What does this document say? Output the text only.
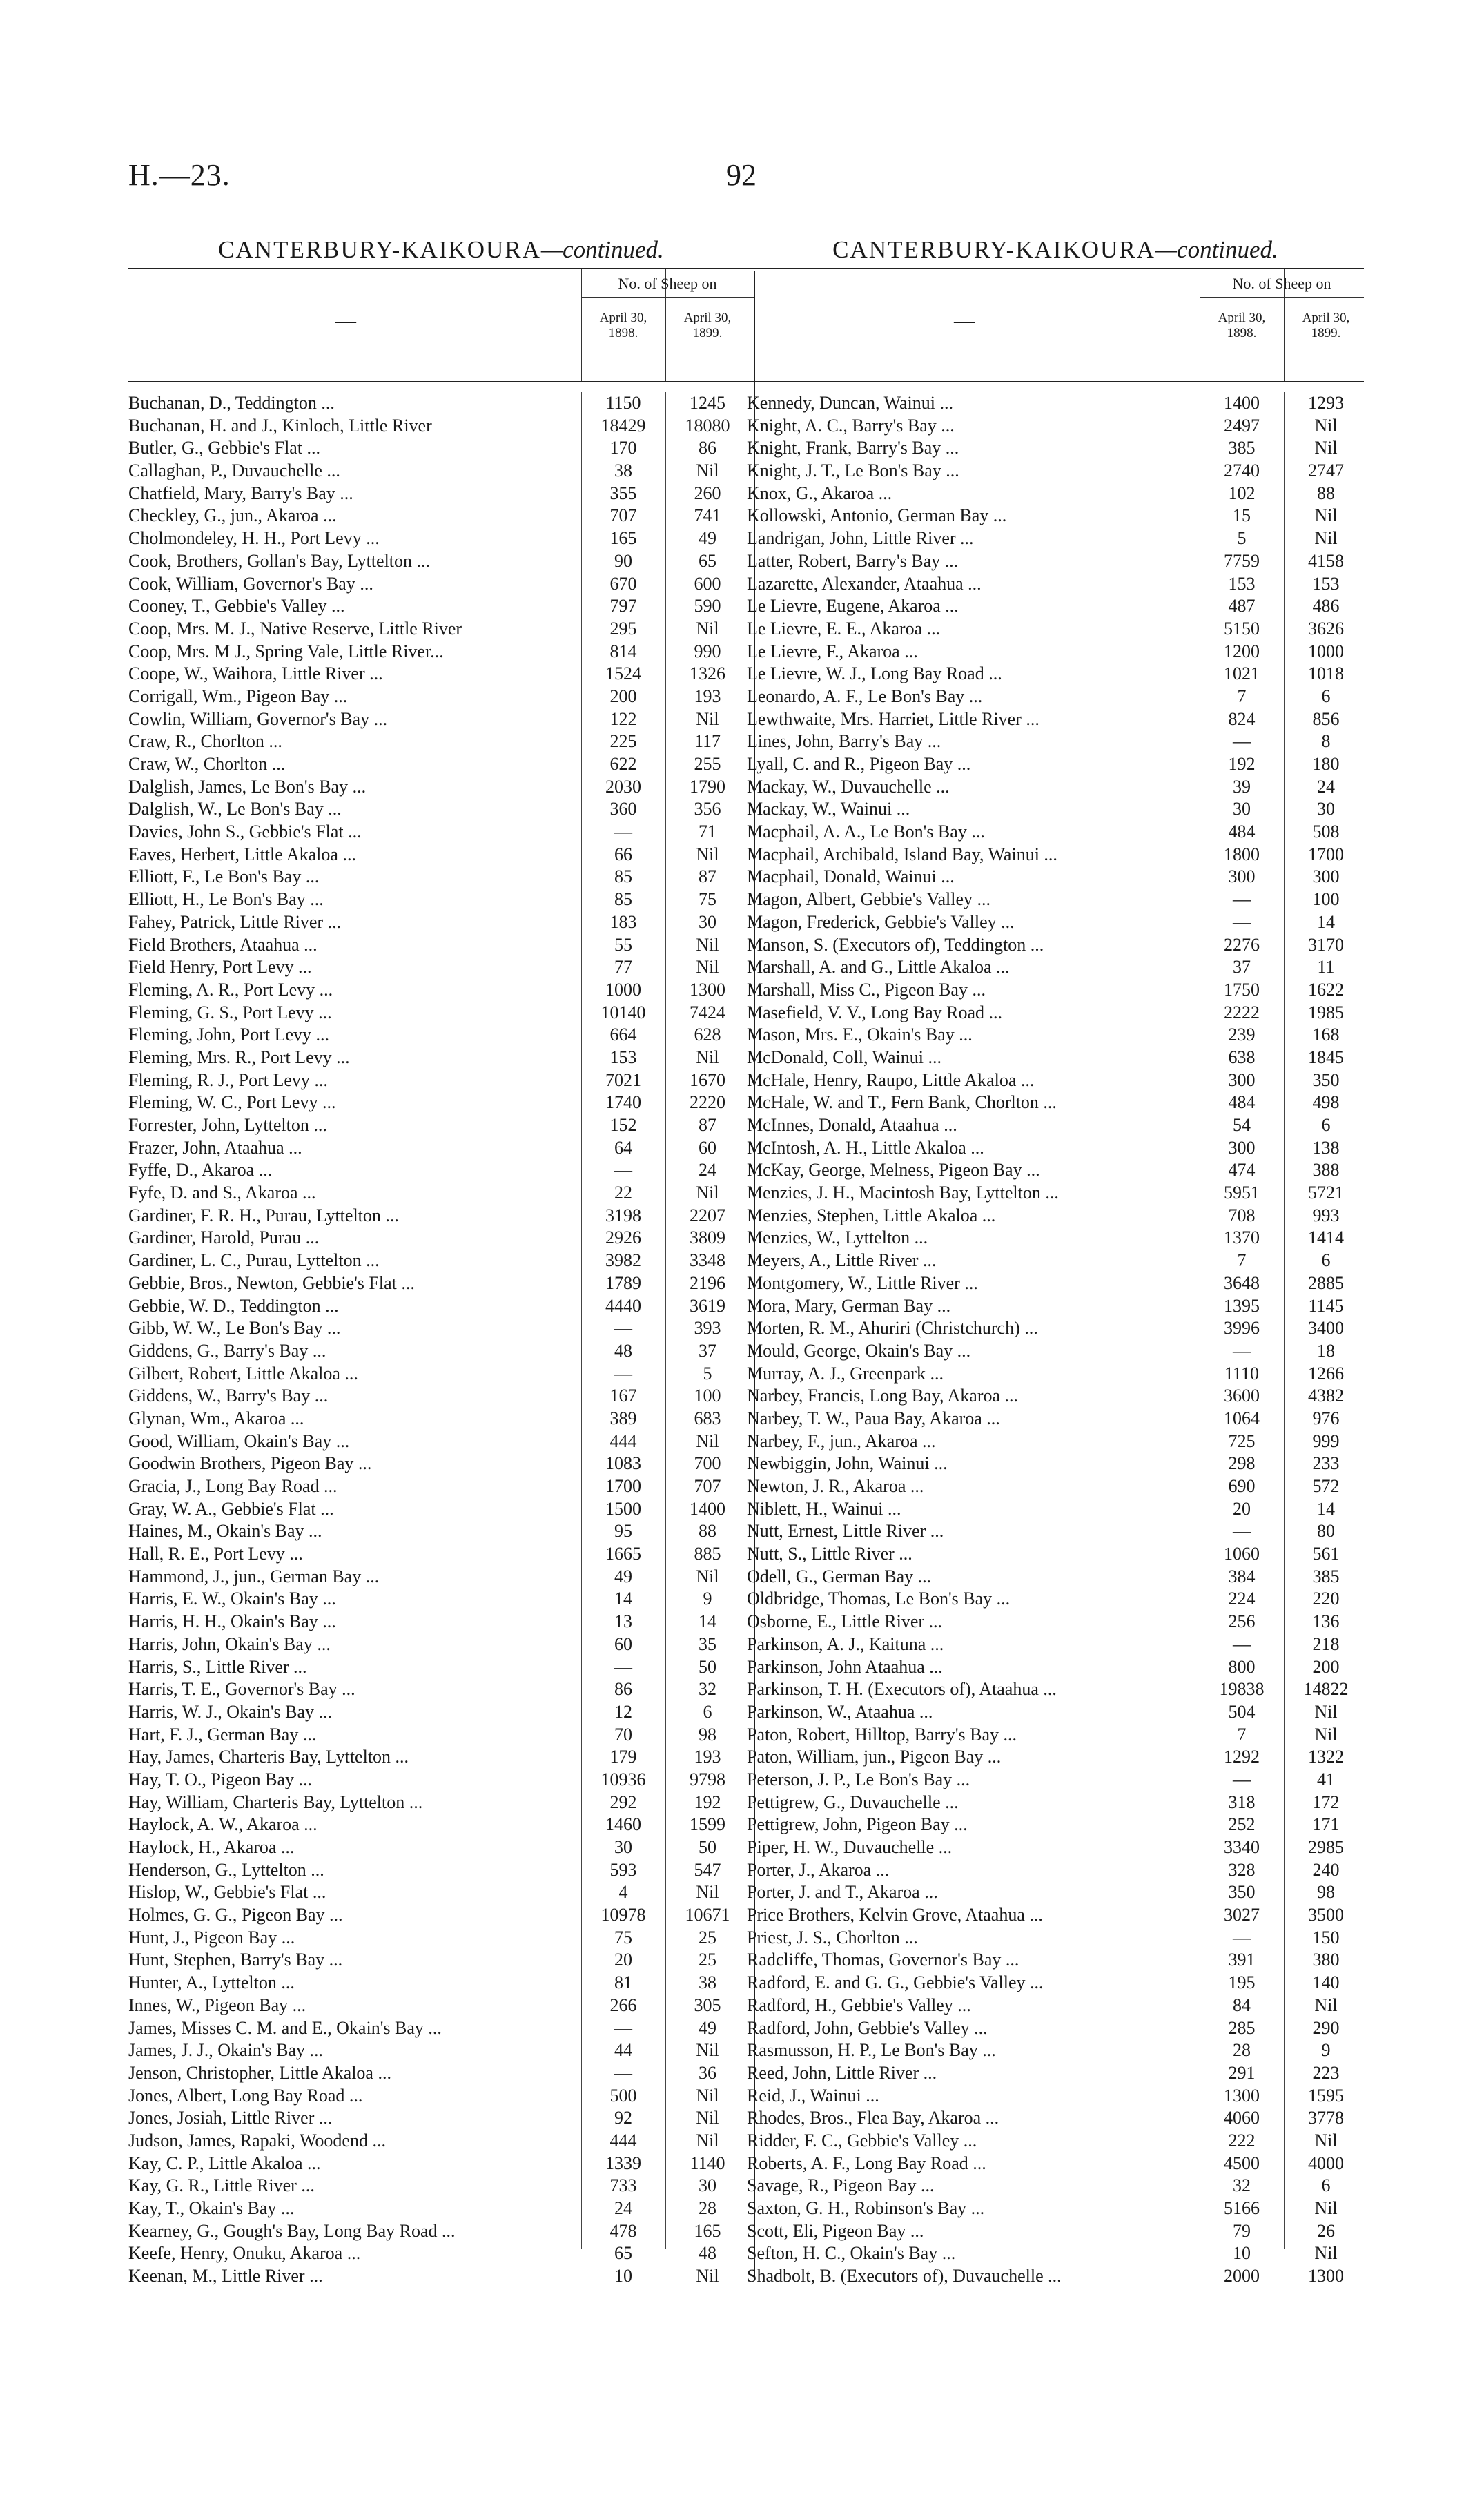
H.—23.	92
CANTERBURY-KAIKOURA—continued.
—
No. of Sheep on
April 30, 1898.
April 30, 1899.
Buchanan, D., Teddington ...	1150	1245
Buchanan, H. and J., Kinloch, Little River	18429	18080
Butler, G., Gebbie's Flat ...	170	86
Callaghan, P., Duvauchelle ...	38	Nil
Chatfield, Mary, Barry's Bay ...	355	260
Checkley, G., jun., Akaroa ...	707	741
Cholmondeley, H. H., Port Levy ...	165	49
Cook, Brothers, Gollan's Bay, Lyttelton ...	90	65
Cook, William, Governor's Bay ...	670	600
Cooney, T., Gebbie's Valley ...	797	590
Coop, Mrs. M. J., Native Reserve, Little River	295	Nil
Coop, Mrs. M J., Spring Vale, Little River...	814	990
Coope, W., Waihora, Little River ...	1524	1326
Corrigall, Wm., Pigeon Bay ...	200	193
Cowlin, William, Governor's Bay ...	122	Nil
Craw, R., Chorlton ...	225	117
Craw, W., Chorlton ...	622	255
Dalglish, James, Le Bon's Bay ...	2030	1790
Dalglish, W., Le Bon's Bay ...	360	356
Davies, John S., Gebbie's Flat ...	—	71
Eaves, Herbert, Little Akaloa ...	66	Nil
Elliott, F., Le Bon's Bay ...	85	87
Elliott, H., Le Bon's Bay ...	85	75
Fahey, Patrick, Little River ...	183	30
Field Brothers, Ataahua ...	55	Nil
Field Henry, Port Levy ...	77	Nil
Fleming, A. R., Port Levy ...	1000	1300
Fleming, G. S., Port Levy ...	10140	7424
Fleming, John, Port Levy ...	664	628
Fleming, Mrs. R., Port Levy ...	153	Nil
Fleming, R. J., Port Levy ...	7021	1670
Fleming, W. C., Port Levy ...	1740	2220
Forrester, John, Lyttelton ...	152	87
Frazer, John, Ataahua ...	64	60
Fyffe, D., Akaroa ...	—	24
Fyfe, D. and S., Akaroa ...	22	Nil
Gardiner, F. R. H., Purau, Lyttelton ...	3198	2207
Gardiner, Harold, Purau ...	2926	3809
Gardiner, L. C., Purau, Lyttelton ...	3982	3348
Gebbie, Bros., Newton, Gebbie's Flat ...	1789	2196
Gebbie, W. D., Teddington ...	4440	3619
Gibb, W. W., Le Bon's Bay ...	—	393
Giddens, G., Barry's Bay ...	48	37
Gilbert, Robert, Little Akaloa ...	—	5
Giddens, W., Barry's Bay ...	167	100
Glynan, Wm., Akaroa ...	389	683
Good, William, Okain's Bay ...	444	Nil
Goodwin Brothers, Pigeon Bay ...	1083	700
Gracia, J., Long Bay Road ...	1700	707
Gray, W. A., Gebbie's Flat ...	1500	1400
Haines, M., Okain's Bay ...	95	88
Hall, R. E., Port Levy ...	1665	885
Hammond, J., jun., German Bay ...	49	Nil
Harris, E. W., Okain's Bay ...	14	9
Harris, H. H., Okain's Bay ...	13	14
Harris, John, Okain's Bay ...	60	35
Harris, S., Little River ...	—	50
Harris, T. E., Governor's Bay ...	86	32
Harris, W. J., Okain's Bay ...	12	6
Hart, F. J., German Bay ...	70	98
Hay, James, Charteris Bay, Lyttelton ...	179	193
Hay, T. O., Pigeon Bay ...	10936	9798
Hay, William, Charteris Bay, Lyttelton ...	292	192
Haylock, A. W., Akaroa ...	1460	1599
Haylock, H., Akaroa ...	30	50
Henderson, G., Lyttelton ...	593	547
Hislop, W., Gebbie's Flat ...	4	Nil
Holmes, G. G., Pigeon Bay ...	10978	10671
Hunt, J., Pigeon Bay ...	75	25
Hunt, Stephen, Barry's Bay ...	20	25
Hunter, A., Lyttelton ...	81	38
Innes, W., Pigeon Bay ...	266	305
James, Misses C. M. and E., Okain's Bay ...	—	49
James, J. J., Okain's Bay ...	44	Nil
Jenson, Christopher, Little Akaloa ...	—	36
Jones, Albert, Long Bay Road ...	500	Nil
Jones, Josiah, Little River ...	92	Nil
Judson, James, Rapaki, Woodend ...	444	Nil
Kay, C. P., Little Akaloa ...	1339	1140
Kay, G. R., Little River ...	733	30
Kay, T., Okain's Bay ...	24	28
Kearney, G., Gough's Bay, Long Bay Road ...	478	165
Keefe, Henry, Onuku, Akaroa ...	65	48
Keenan, M., Little River ...	10	Nil
CANTERBURY-KAIKOURA—continued.
—
No. of Sheep on
April 30, 1898.
April 30, 1899.
Kennedy, Duncan, Wainui ...	1400	1293
Knight, A. C., Barry's Bay ...	2497	Nil
Knight, Frank, Barry's Bay ...	385	Nil
Knight, J. T., Le Bon's Bay ...	2740	2747
Knox, G., Akaroa ...	102	88
Kollowski, Antonio, German Bay ...	15	Nil
Landrigan, John, Little River ...	5	Nil
Latter, Robert, Barry's Bay ...	7759	4158
Lazarette, Alexander, Ataahua ...	153	153
Le Lievre, Eugene, Akaroa ...	487	486
Le Lievre, E. E., Akaroa ...	5150	3626
Le Lievre, F., Akaroa ...	1200	1000
Le Lievre, W. J., Long Bay Road ...	1021	1018
Leonardo, A. F., Le Bon's Bay ...	7	6
Lewthwaite, Mrs. Harriet, Little River ...	824	856
Lines, John, Barry's Bay ...	—	8
Lyall, C. and R., Pigeon Bay ...	192	180
Mackay, W., Duvauchelle ...	39	24
Mackay, W., Wainui ...	30	30
Macphail, A. A., Le Bon's Bay ...	484	508
Macphail, Archibald, Island Bay, Wainui ...	1800	1700
Macphail, Donald, Wainui ...	300	300
Magon, Albert, Gebbie's Valley ...	—	100
Magon, Frederick, Gebbie's Valley ...	—	14
Manson, S. (Executors of), Teddington ...	2276	3170
Marshall, A. and G., Little Akaloa ...	37	11
Marshall, Miss C., Pigeon Bay ...	1750	1622
Masefield, V. V., Long Bay Road ...	2222	1985
Mason, Mrs. E., Okain's Bay ...	239	168
McDonald, Coll, Wainui ...	638	1845
McHale, Henry, Raupo, Little Akaloa ...	300	350
McHale, W. and T., Fern Bank, Chorlton ...	484	498
McInnes, Donald, Ataahua ...	54	6
McIntosh, A. H., Little Akaloa ...	300	138
McKay, George, Melness, Pigeon Bay ...	474	388
Menzies, J. H., Macintosh Bay, Lyttelton ...	5951	5721
Menzies, Stephen, Little Akaloa ...	708	993
Menzies, W., Lyttelton ...	1370	1414
Meyers, A., Little River ...	7	6
Montgomery, W., Little River ...	3648	2885
Mora, Mary, German Bay ...	1395	1145
Morten, R. M., Ahuriri (Christchurch) ...	3996	3400
Mould, George, Okain's Bay ...	—	18
Murray, A. J., Greenpark ...	1110	1266
Narbey, Francis, Long Bay, Akaroa ...	3600	4382
Narbey, T. W., Paua Bay, Akaroa ...	1064	976
Narbey, F., jun., Akaroa ...	725	999
Newbiggin, John, Wainui ...	298	233
Newton, J. R., Akaroa ...	690	572
Niblett, H., Wainui ...	20	14
Nutt, Ernest, Little River ...	—	80
Nutt, S., Little River ...	1060	561
Odell, G., German Bay ...	384	385
Oldbridge, Thomas, Le Bon's Bay ...	224	220
Osborne, E., Little River ...	256	136
Parkinson, A. J., Kaituna ...	—	218
Parkinson, John Ataahua ...	800	200
Parkinson, T. H. (Executors of), Ataahua ...	19838	14822
Parkinson, W., Ataahua ...	504	Nil
Paton, Robert, Hilltop, Barry's Bay ...	7	Nil
Paton, William, jun., Pigeon Bay ...	1292	1322
Peterson, J. P., Le Bon's Bay ...	—	41
Pettigrew, G., Duvauchelle ...	318	172
Pettigrew, John, Pigeon Bay ...	252	171
Piper, H. W., Duvauchelle ...	3340	2985
Porter, J., Akaroa ...	328	240
Porter, J. and T., Akaroa ...	350	98
Price Brothers, Kelvin Grove, Ataahua ...	3027	3500
Priest, J. S., Chorlton ...	—	150
Radcliffe, Thomas, Governor's Bay ...	391	380
Radford, E. and G. G., Gebbie's Valley ...	195	140
Radford, H., Gebbie's Valley ...	84	Nil
Radford, John, Gebbie's Valley ...	285	290
Rasmusson, H. P., Le Bon's Bay ...	28	9
Reed, John, Little River ...	291	223
Reid, J., Wainui ...	1300	1595
Rhodes, Bros., Flea Bay, Akaroa ...	4060	3778
Ridder, F. C., Gebbie's Valley ...	222	Nil
Roberts, A. F., Long Bay Road ...	4500	4000
Savage, R., Pigeon Bay ...	32	6
Saxton, G. H., Robinson's Bay ...	5166	Nil
Scott, Eli, Pigeon Bay ...	79	26
Sefton, H. C., Okain's Bay ...	10	Nil
Shadbolt, B. (Executors of), Duvauchelle ...	2000	1300
